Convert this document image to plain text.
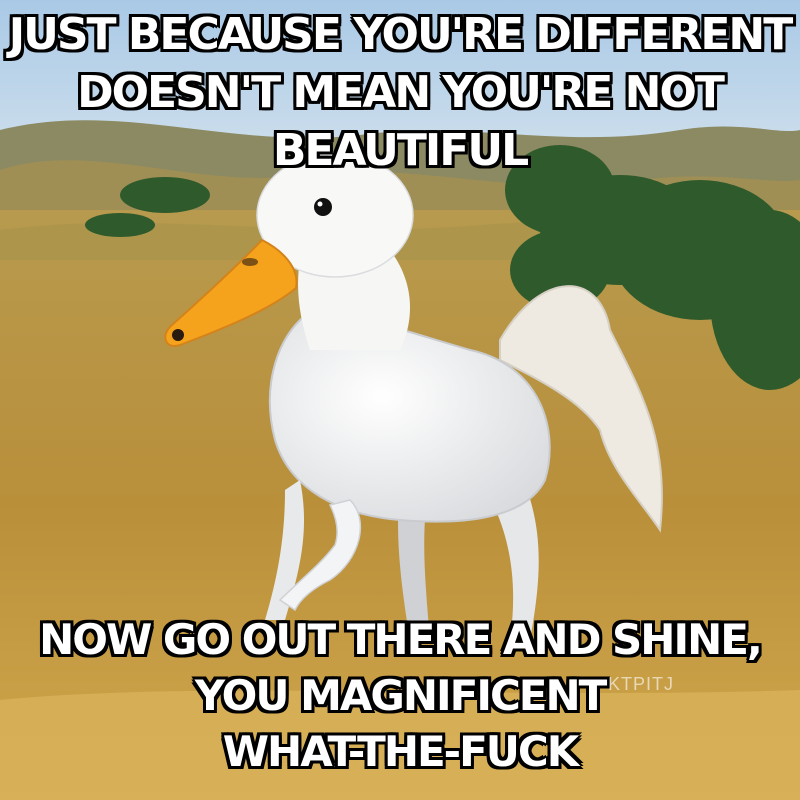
JUST BECAUSE YOU'RE DIFFERENT
DOESN'T MEAN YOU'RE NOT BEAUTIFUL

NOW GO OUT THERE AND SHINE,
YOU MAGNIFICENT
WHAT-THE-FUCK

KTPITJ
